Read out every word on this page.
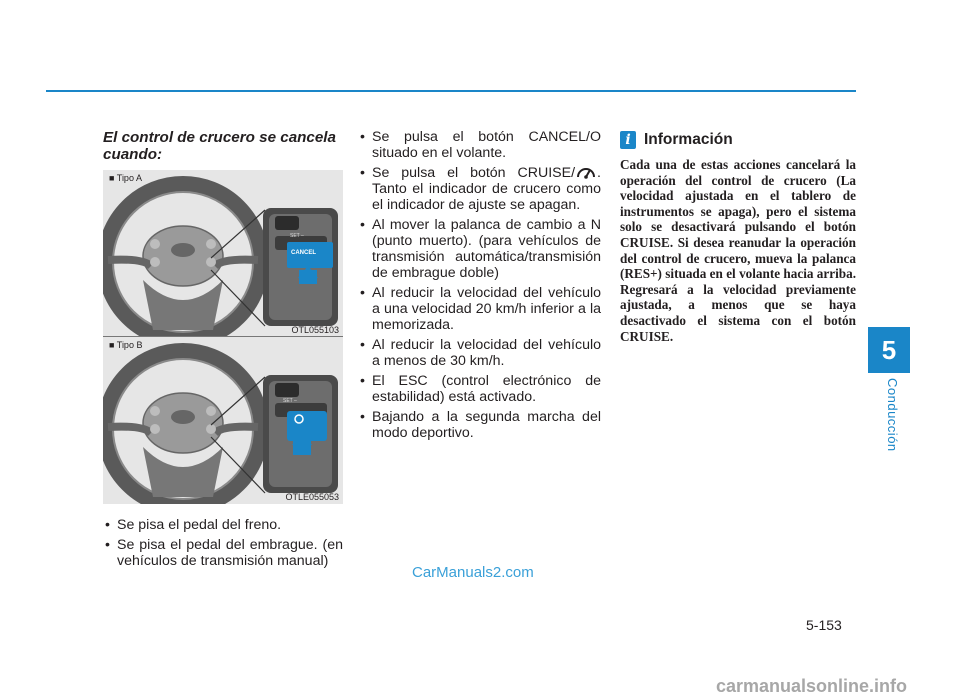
5
Conducción
El control de crucero se cancela cuando:
■ Tipo A
SET –
CANCEL
OTL055103
■ Tipo B
SET –
OTLE055053
• Se pisa el pedal del freno.
• Se pisa el pedal del embrague. (en vehículos de transmisión manual)
• Se pulsa el botón CANCEL/O situado en el volante.
• Se pulsa el botón CRUISE/ . Tanto el indicador de crucero como el indicador de ajuste se apagan.
• Al mover la palanca de cambio a N (punto muerto). (para vehículos de transmisión automática/transmisión de embrague doble)
• Al reducir la velocidad del vehículo a una velocidad 20 km/h inferior a la memorizada.
• Al reducir la velocidad del vehículo a menos de 30 km/h.
• El ESC (control electrónico de estabilidad) está activado.
• Bajando a la segunda marcha del modo deportivo.
i Información

Cada una de estas acciones cancelará la operación del control de crucero (La velocidad ajustada en el tablero de instrumentos se apaga), pero el sistema solo se desactivará pulsando el botón CRUISE. Si desea reanudar la operación del control de crucero, mueva la palanca (RES+) situada en el volante hacia arriba. Regresará a la velocidad previamente ajustada, a menos que se haya desactivado el sistema con el botón CRUISE.

5-153
CarManuals2.com
carmanualsonline.info
